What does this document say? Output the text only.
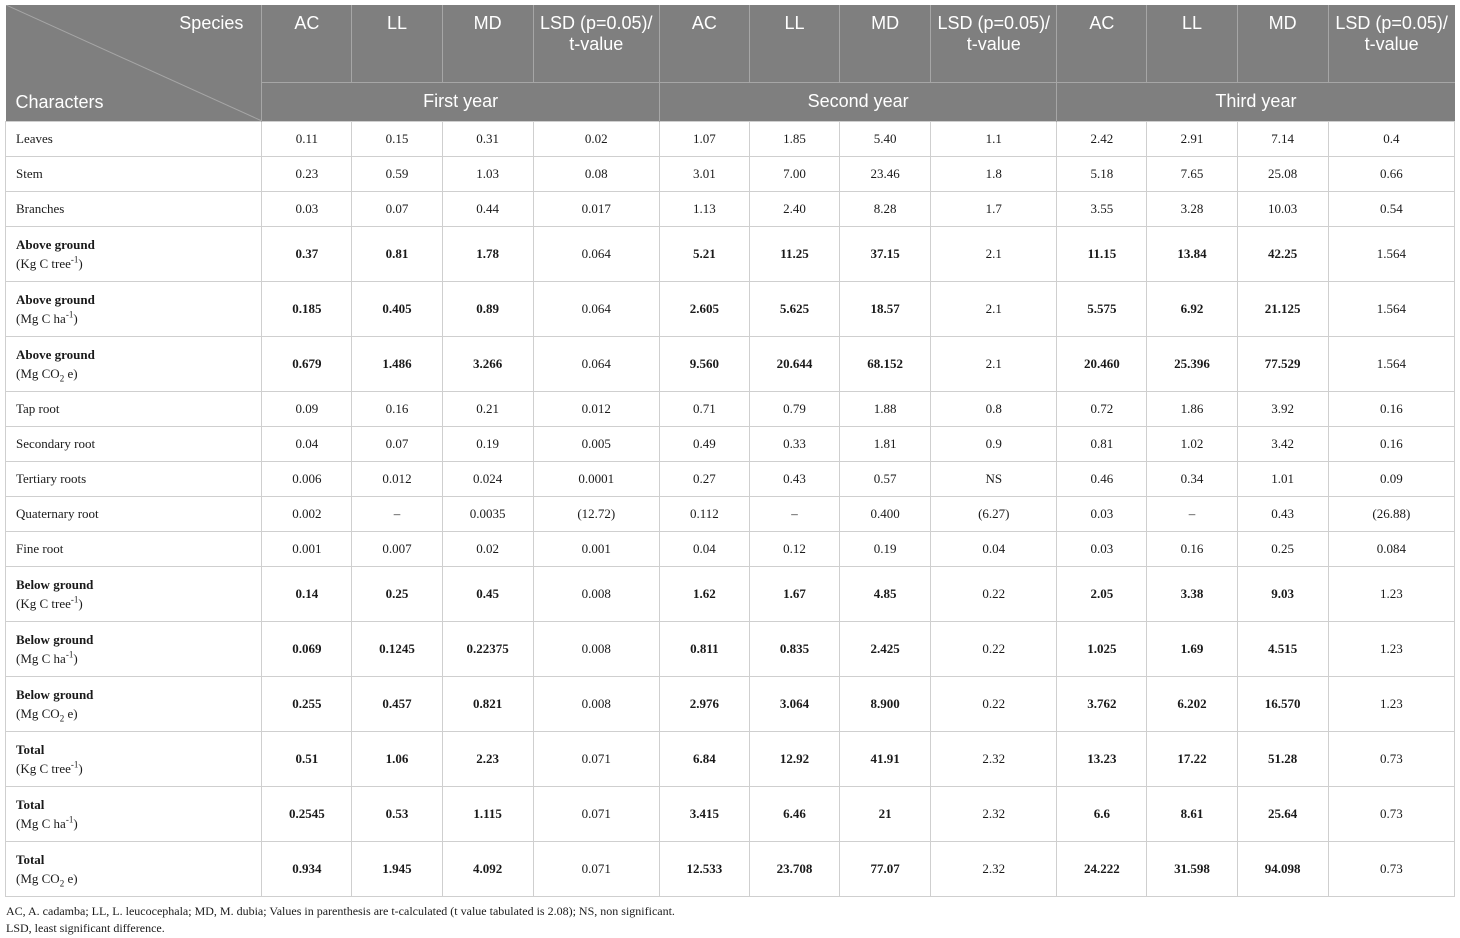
Species
Characters	AC	LL	MD	LSD (p=0.05)/ t-value	AC	LL	MD	LSD (p=0.05)/ t-value	AC	LL	MD	LSD (p=0.05)/ t-value
	First year				Second year				Third year			
Leaves	0.11	0.15	0.31	0.02	1.07	1.85	5.40	1.1	2.42	2.91	7.14	0.4
Stem	0.23	0.59	1.03	0.08	3.01	7.00	23.46	1.8	5.18	7.65	25.08	0.66
Branches	0.03	0.07	0.44	0.017	1.13	2.40	8.28	1.7	3.55	3.28	10.03	0.54
Above ground
(Kg C tree$^{-1}$)	0.37	0.81	1.78	0.064	5.21	11.25	37.15	2.1	11.15	13.84	42.25	1.564
Above ground
(Mg C $ha^{-1}$)	0.185	0.405	0.89	0.064	2.605	5.625	18.57	2.1	5.575	6.92	21.125	1.564
Above ground
(Mg $CO_2$ e)	0.679	1.486	3.266	0.064	9.560	20.644	68.152	2.1	20.460	25.396	77.529	1.564
Tap root	0.09	0.16	0.21	0.012	0.71	0.79	1.88	0.8	0.72	1.86	3.92	0.16
Secondary root	0.04	0.07	0.19	0.005	0.49	0.33	1.81	0.9	0.81	1.02	3.42	0.16
Tertiary roots	0.006	0.012	0.024	0.0001	0.27	0.43	0.57	NS	0.46	0.34	1.01	0.09
Quaternary root	0.002	–	0.0035	(12.72)	0.112	–	0.400	(6.27)	0.03	–	0.43	(26.88)
Fine root	0.001	0.007	0.02	0.001	0.04	0.12	0.19	0.04	0.03	0.16	0.25	0.084
Below ground
(Kg C tree$^{-1}$)	0.14	0.25	0.45	0.008	1.62	1.67	4.85	0.22	2.05	3.38	9.03	1.23
Below ground
(Mg C $ha^{-1}$)	0.069	0.1245	0.22375	0.008	0.811	0.835	2.425	0.22	1.025	1.69	4.515	1.23
Below ground
(Mg $CO_2$ e)	0.255	0.457	0.821	0.008	2.976	3.064	8.900	0.22	3.762	6.202	16.570	1.23
Total
(Kg C tree$^{-1}$)	0.51	1.06	2.23	0.071	6.84	12.92	41.91	2.32	13.23	17.22	51.28	0.73
Total
(Mg C $ha^{-1}$)	0.2545	0.53	1.115	0.071	3.415	6.46	21	2.32	6.6	8.61	25.64	0.73
Total
(Mg $CO_2$ e)	0.934	1.945	4.092	0.071	12.533	23.708	77.07	2.32	24.222	31.598	94.098	0.73
AC, A. cadamba; LL, L. leucocephala; MD, M. dubia; Values in parenthesis are t-calculated (t value tabulated is 2.08); NS, non significant.
LSD, least significant difference.
